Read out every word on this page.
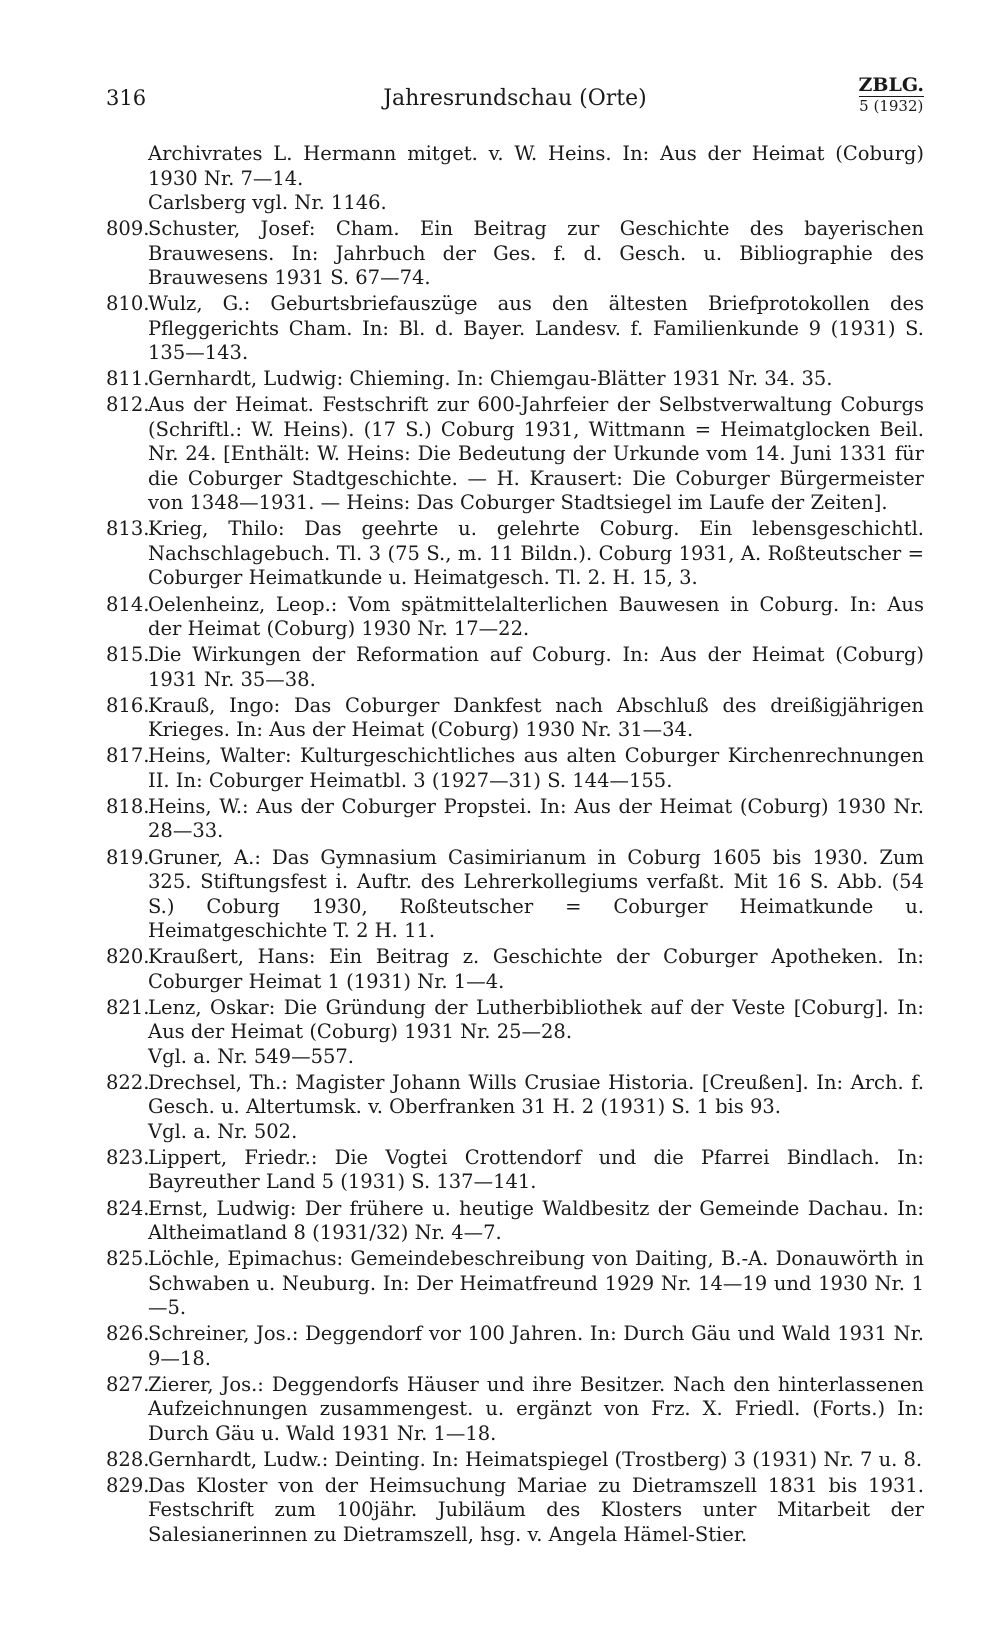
316	Jahresrundschau (Orte)
ZBLG.
5 (1932)

Archivrates L. Hermann mitget. v. W. Heins. In: Aus der Heimat (Coburg) 1930 Nr. 7—14.

Carlsberg vgl. Nr. 1146.

809.

Schuster, Josef: Cham. Ein Beitrag zur Geschichte des bayerischen Brauwesens. In: Jahrbuch der Ges. f. d. Gesch. u. Bibliographie des Brauwesens 1931 S. 67—74.

810.

Wulz, G.: Geburtsbriefauszüge aus den ältesten Briefprotokollen des Pfleggerichts Cham. In: Bl. d. Bayer. Landesv. f. Familienkunde 9 (1931) S. 135—143.

811.

Gernhardt, Ludwig: Chieming. In: Chiemgau-Blätter 1931 Nr. 34. 35.

812.

Aus der Heimat. Festschrift zur 600-Jahrfeier der Selbstverwaltung Coburgs (Schriftl.: W. Heins). (17 S.) Coburg 1931, Wittmann = Heimatglocken Beil. Nr. 24. [Enthält: W. Heins: Die Bedeutung der Urkunde vom 14. Juni 1331 für die Coburger Stadtgeschichte. — H. Krausert: Die Coburger Bürgermeister von 1348—1931. — Heins: Das Coburger Stadtsiegel im Laufe der Zeiten].

813.

Krieg, Thilo: Das geehrte u. gelehrte Coburg. Ein lebensgeschichtl. Nachschlagebuch. Tl. 3 (75 S., m. 11 Bildn.). Coburg 1931, A. Roßteutscher = Coburger Heimatkunde u. Heimatgesch. Tl. 2. H. 15, 3.

814.

Oelenheinz, Leop.: Vom spätmittelalterlichen Bauwesen in Coburg. In: Aus der Heimat (Coburg) 1930 Nr. 17—22.

815.

Die Wirkungen der Reformation auf Coburg. In: Aus der Heimat (Coburg) 1931 Nr. 35—38.

816.

Krauß, Ingo: Das Coburger Dankfest nach Abschluß des dreißigjährigen Krieges. In: Aus der Heimat (Coburg) 1930 Nr. 31—34.

817.

Heins, Walter: Kulturgeschichtliches aus alten Coburger Kirchenrechnungen II. In: Coburger Heimatbl. 3 (1927—31) S. 144—155.

818.

Heins, W.: Aus der Coburger Propstei. In: Aus der Heimat (Coburg) 1930 Nr. 28—33.

819.

Gruner, A.: Das Gymnasium Casimirianum in Coburg 1605 bis 1930. Zum 325. Stiftungsfest i. Auftr. des Lehrerkollegiums verfaßt. Mit 16 S. Abb. (54 S.) Coburg 1930, Roßteutscher = Coburger Heimatkunde u. Heimatgeschichte T. 2 H. 11.

820.

Kraußert, Hans: Ein Beitrag z. Geschichte der Coburger Apotheken. In: Coburger Heimat 1 (1931) Nr. 1—4.

821.

Lenz, Oskar: Die Gründung der Lutherbibliothek auf der Veste [Coburg]. In: Aus der Heimat (Coburg) 1931 Nr. 25—28.

Vgl. a. Nr. 549—557.

822.

Drechsel, Th.: Magister Johann Wills Crusiae Historia. [Creußen]. In: Arch. f. Gesch. u. Altertumsk. v. Oberfranken 31 H. 2 (1931) S. 1 bis 93.

Vgl. a. Nr. 502.

823.

Lippert, Friedr.: Die Vogtei Crottendorf und die Pfarrei Bindlach. In: Bayreuther Land 5 (1931) S. 137—141.

824.

Ernst, Ludwig: Der frühere u. heutige Waldbesitz der Gemeinde Dachau. In: Altheimatland 8 (1931/32) Nr. 4—7.

825.

Löchle, Epimachus: Gemeindebeschreibung von Daiting, B.-A. Donauwörth in Schwaben u. Neuburg. In: Der Heimatfreund 1929 Nr. 14—19 und 1930 Nr. 1—5.

826.

Schreiner, Jos.: Deggendorf vor 100 Jahren. In: Durch Gäu und Wald 1931 Nr. 9—18.

827.

Zierer, Jos.: Deggendorfs Häuser und ihre Besitzer. Nach den hinterlassenen Aufzeichnungen zusammengest. u. ergänzt von Frz. X. Friedl. (Forts.) In: Durch Gäu u. Wald 1931 Nr. 1—18.

828.

Gernhardt, Ludw.: Deinting. In: Heimatspiegel (Trostberg) 3 (1931) Nr. 7 u. 8.

829.

Das Kloster von der Heimsuchung Mariae zu Dietramszell 1831 bis 1931. Festschrift zum 100jähr. Jubiläum des Klosters unter Mitarbeit der Salesianerinnen zu Dietramszell, hsg. v. Angela Hämel-Stier.
